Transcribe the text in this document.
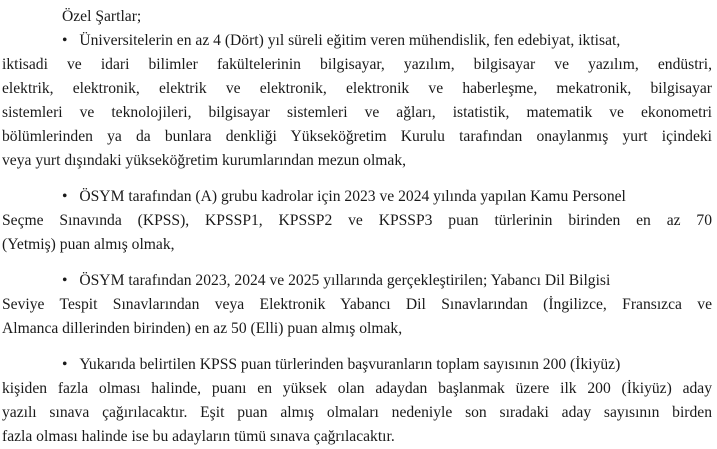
Özel Şartlar;
• Üniversitelerin en az 4 (Dört) yıl süreli eğitim veren mühendislik, fen edebiyat, iktisat,
iktisadi ve idari bilimler fakültelerinin bilgisayar, yazılım, bilgisayar ve yazılım, endüstri,
elektrik, elektronik, elektrik ve elektronik, elektronik ve haberleşme, mekatronik, bilgisayar
sistemleri ve teknolojileri, bilgisayar sistemleri ve ağları, istatistik, matematik ve ekonometri
bölümlerinden ya da bunlara denkliği Yükseköğretim Kurulu tarafından onaylanmış yurt içindeki
veya yurt dışındaki yükseköğretim kurumlarından mezun olmak,
• ÖSYM tarafından (A) grubu kadrolar için 2023 ve 2024 yılında yapılan Kamu Personel
Seçme Sınavında (KPSS), KPSSP1, KPSSP2 ve KPSSP3 puan türlerinin birinden en az 70
(Yetmiş) puan almış olmak,
• ÖSYM tarafından 2023, 2024 ve 2025 yıllarında gerçekleştirilen; Yabancı Dil Bilgisi
Seviye Tespit Sınavlarından veya Elektronik Yabancı Dil Sınavlarından (İngilizce, Fransızca ve
Almanca dillerinden birinden) en az 50 (Elli) puan almış olmak,
• Yukarıda belirtilen KPSS puan türlerinden başvuranların toplam sayısının 200 (İkiyüz)
kişiden fazla olması halinde, puanı en yüksek olan adaydan başlanmak üzere ilk 200 (İkiyüz) aday
yazılı sınava çağırılacaktır. Eşit puan almış olmaları nedeniyle son sıradaki aday sayısının birden
fazla olması halinde ise bu adayların tümü sınava çağrılacaktır.
